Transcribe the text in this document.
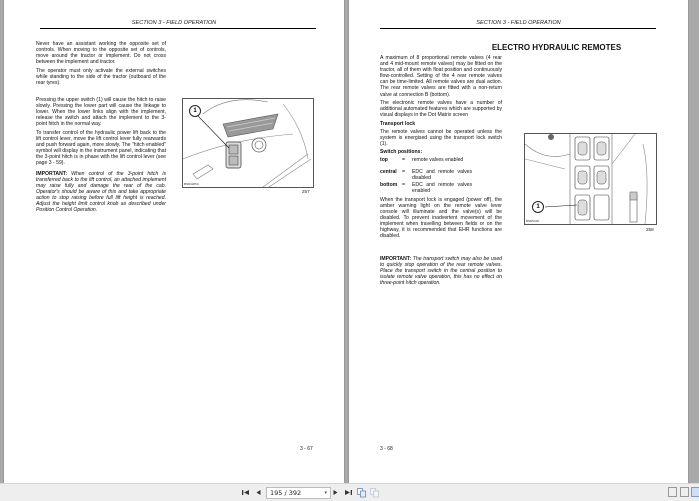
SECTION 3 - FIELD OPERATION

Never have an assistant working the opposite set of controls. When moving to the opposite set of controls, move around the tractor or implement. Do not cross between the implement and tractor.

The operator must only activate the external switches while standing to the side of the tractor (outboard of the rear tyres).

Pressing the upper switch (1) will cause the hitch to raise slowly. Pressing the lower part will cause the linkage to lower. When the lower links align with the implement, release the switch and attach the implement to the 3-point hitch in the normal way.

To transfer control of the hydraulic power lift back to the lift control lever, move the lift control lever fully rearwards and push forward again, more slowly. The "hitch enabled" symbol will display in the instrument panel, indicating that the 3-point hitch is in phase with the lift control lever (see page 3 - 59).

IMPORTANT: When control of the 3-point hitch is transferred back to the lift control, an attached implement may raise fully and damage the rear of the cab. Operator's should be aware of this and take appropriate action to stop raising before full lift height is reached. Adjust the height limit control knob as described under Position Control Operation.

1
BSD4205C
257
3 - 67
SECTION 3 - FIELD OPERATION
ELECTRO HYDRAULIC REMOTES

A maximum of 8 proportional remote valves (4 rear and 4 mid-mount remote valves) may be fitted on the tractor, all of them with float position and continuously flow-controlled. Setting of the 4 rear remote valves can be time-limited. All remote valves are dual action. The rear remote valves are fitted with a non-return valve at connection B (bottom).

The electronic remote valves have a number of additional automated features which are supported by visual displays in the Dot Matrix screen

Transport lock

The remote valves cannot be operated unless the system is energised using the transport lock switch (1).

Switch positions:

top	=	remote valves enabled
central	=	EDC and remote valves disabled
bottom =	EDC and remote valves enabled

When the transport lock is engaged (power off), the amber warning light on the remote valve lever console will illuminate and the valve(s) will be disabled. To prevent inadvertent movement of the implement when travelling between fields or on the highway, it is recommended that EHR functions are disabled.

IMPORTANT: The transport switch may also be used to quickly stop operation of the rear remote valves. Place the transport switch in the central position to isolate remote valve operation, this has no effect on three-point hitch operation.

1
BSD5418
258
3 - 68
195 / 392	▾
